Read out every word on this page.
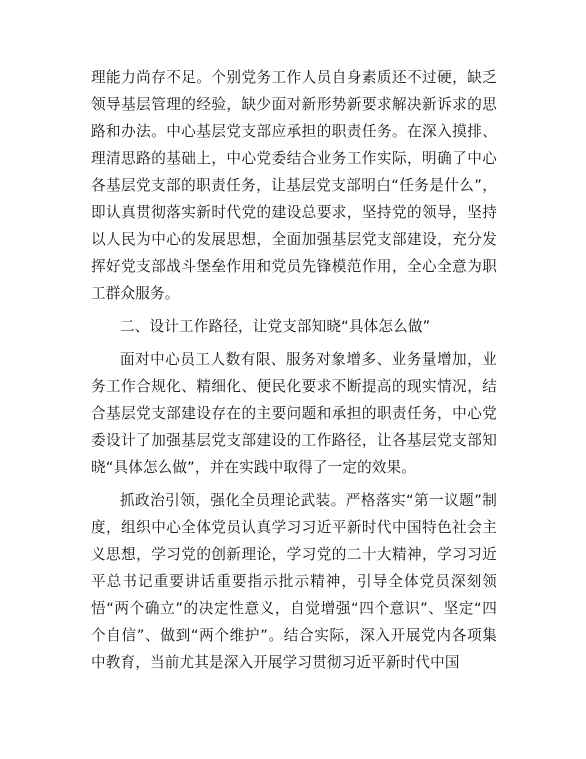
理能力尚存不足。个别党务工作人员自身素质还不过硬，缺乏领导基层管理的经验，缺少面对新形势新要求解决新诉求的思路和办法。中心基层党支部应承担的职责任务。在深入摸排、理清思路的基础上，中心党委结合业务工作实际，明确了中心各基层党支部的职责任务，让基层党支部明白“任务是什么”，即认真贯彻落实新时代党的建设总要求，坚持党的领导，坚持以人民为中心的发展思想，全面加强基层党支部建设，充分发挥好党支部战斗堡垒作用和党员先锋模范作用，全心全意为职工群众服务。

二、设计工作路径，让党支部知晓“具体怎么做”

面对中心员工人数有限、服务对象增多、业务量增加，业务工作合规化、精细化、便民化要求不断提高的现实情况，结合基层党支部建设存在的主要问题和承担的职责任务，中心党委设计了加强基层党支部建设的工作路径，让各基层党支部知晓“具体怎么做”，并在实践中取得了一定的效果。

抓政治引领，强化全员理论武装。严格落实“第一议题”制度，组织中心全体党员认真学习习近平新时代中国特色社会主义思想，学习党的创新理论，学习党的二十大精神，学习习近平总书记重要讲话重要指示批示精神，引导全体党员深刻领悟“两个确立”的决定性意义，自觉增强“四个意识”、坚定“四个自信”、做到“两个维护”。结合实际，深入开展党内各项集中教育，当前尤其是深入开展学习贯彻习近平新时代中国
